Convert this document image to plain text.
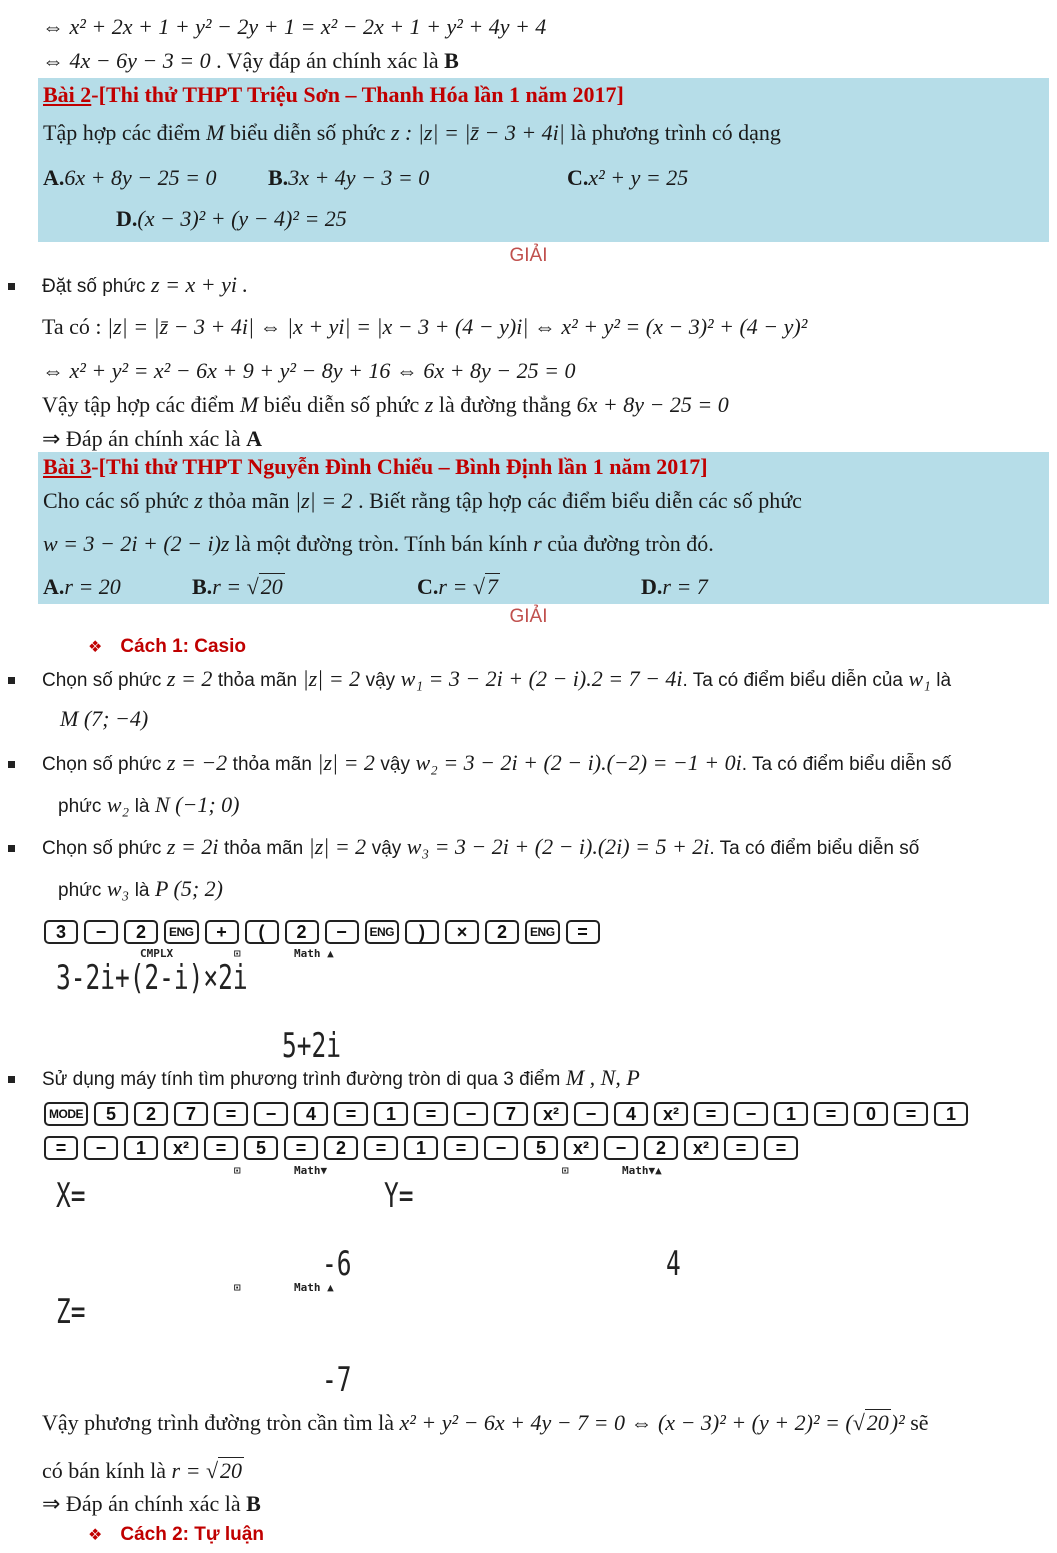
⇔ x² + 2x + 1 + y² − 2y + 1 = x² − 2x + 1 + y² + 4y + 4
⇔ 4x − 6y − 3 = 0 . Vậy đáp án chính xác là B
Bài 2-[Thi thử THPT Triệu Sơn – Thanh Hóa lần 1 năm 2017]
Tập hợp các điểm M biểu diễn số phức z : |z| = |z̄ − 3 + 4i| là phương trình có dạng
A.6x + 8y − 25 = 0 B.3x + 4y − 3 = 0	C.x² + y = 25
D.(x − 3)² + (y − 4)² = 25
GIẢI
Đặt số phức z = x + yi .
Ta có : |z| = |z̄ − 3 + 4i| ⇔ |x + yi| = |x − 3 + (4 − y)i| ⇔ x² + y² = (x − 3)² + (4 − y)²
⇔ x² + y² = x² − 6x + 9 + y² − 8y + 16 ⇔ 6x + 8y − 25 = 0
Vậy tập hợp các điểm M biểu diễn số phức z là đường thẳng 6x + 8y − 25 = 0
⇒ Đáp án chính xác là A
Bài 3-[Thi thử THPT Nguyễn Đình Chiểu – Bình Định lần 1 năm 2017]
Cho các số phức z thỏa mãn |z| = 2 . Biết rằng tập hợp các điểm biểu diễn các số phức
w = 3 − 2i + (2 − i)z là một đường tròn. Tính bán kính r của đường tròn đó.
A.r = 20	B.r = √20	C.r = √7	D.r = 7
GIẢI
❖ Cách 1: Casio
Chọn số phức z = 2 thỏa mãn |z| = 2 vậy w₁ = 3 − 2i + (2 − i).2 = 7 − 4i. Ta có điểm biểu diễn của w₁ là
M (7; −4)
Chọn số phức z = −2 thỏa mãn |z| = 2 vậy w₂ = 3 − 2i + (2 − i).(−2) = −1 + 0i. Ta có điểm biểu diễn số
phức w₂ là N (−1; 0)
Chọn số phức z = 2i thỏa mãn |z| = 2 vậy w₃ = 3 − 2i + (2 − i).(2i) = 5 + 2i. Ta có điểm biểu diễn số
phức w₃ là P (5; 2)
3	−	2	ENG	+	(	2	−	ENG	)	×	2	ENG	=
CMPLX	⊡	Math ▲
3-2i+(2-i)×2i
5+2i
Sử dụng máy tính tìm phương trình đường tròn di qua 3 điểm M , N, P
MODE	5	2	7	=	−	4	=	1	=	−	7	x²	−	4	x²	=	−	1	=	0	=	1
=	−	1	x²	=	5	=	2	=	1	=	−	5	x²	−	2	x²	=	=
⊡	Math▼	⊡	Math▼▲
X=	Y=
-6	4
⊡	Math ▲
Z=
-7
Vậy phương trình đường tròn cần tìm là x² + y² − 6x + 4y − 7 = 0 ⇔ (x − 3)² + (y + 2)² = (√20)² sẽ
có bán kính là r = √20
⇒ Đáp án chính xác là B
❖ Cách 2: Tự luận
